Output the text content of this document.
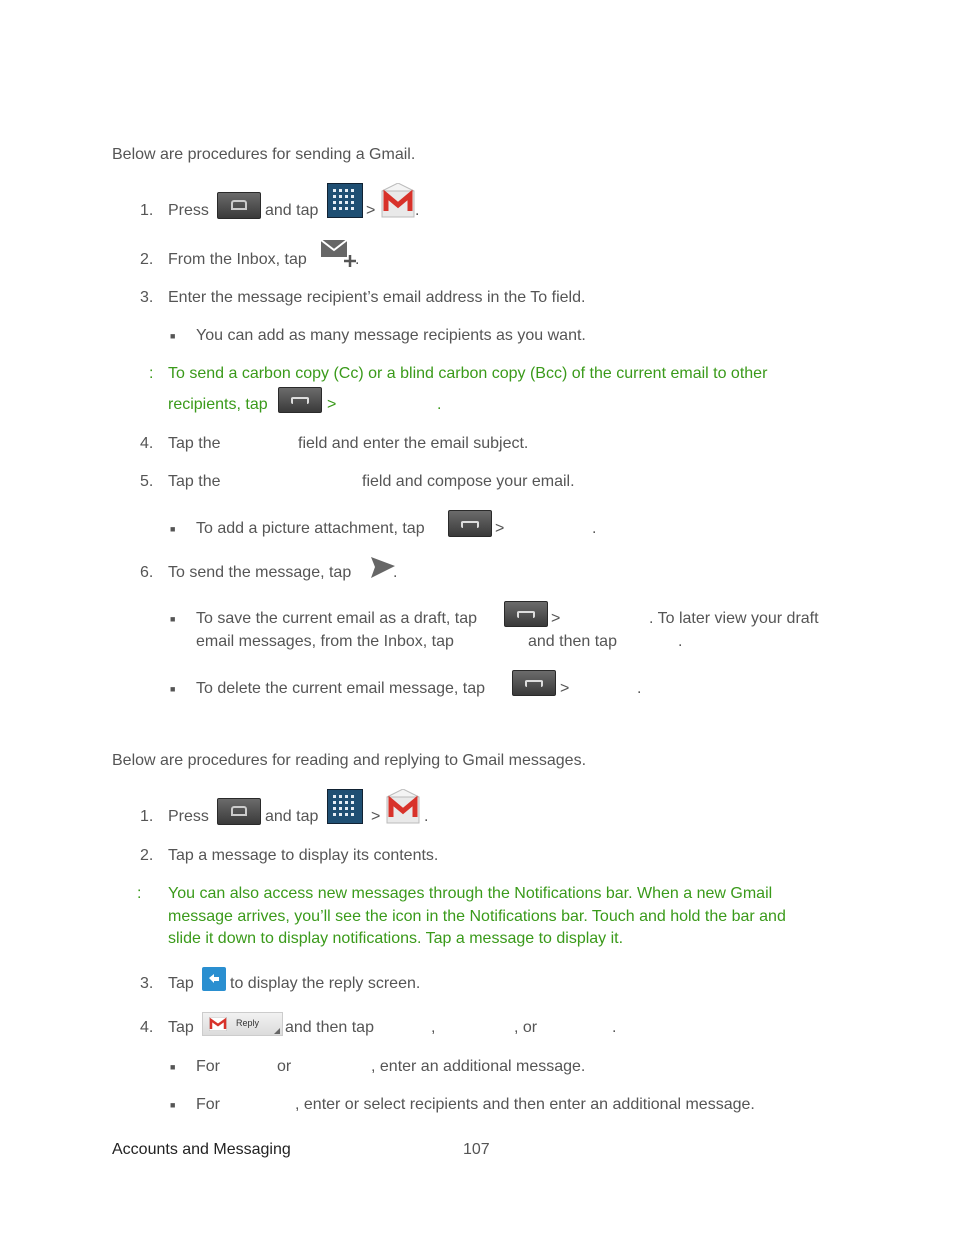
Below are procedures for sending a Gmail.
1. Press	and tap	> .
2. From the Inbox, tap	.
3. Enter the message recipient’s email address in the To field.
■ You can add as many message recipients as you want.
: To send a carbon copy (Cc) or a blind carbon copy (Bcc) of the current email to other
recipients, tap	>	.
4. Tap the	field and enter the email subject.
5. Tap the	field and compose your email.
■ To add a picture attachment, tap	>	.
6. To send the message, tap	.
■ To save the current email as a draft, tap	>	. To later view your draft
email messages, from the Inbox, tap	and then tap	.
■ To delete the current email message, tap	>	.
Below are procedures for reading and replying to Gmail messages.
1. Press	and tap	>	.
2. Tap a message to display its contents.
: You can also access new messages through the Notifications bar. When a new Gmail
message arrives, you’ll see the icon in the Notifications bar. Touch and hold the bar and
slide it down to display notifications. Tap a message to display it.
3. Tap to display the reply screen.
4. Tap	Reply and then tap	,	, or	.
■ For	or	, enter an additional message.
■ For	, enter or select recipients and then enter an additional message.
Accounts and Messaging	107
